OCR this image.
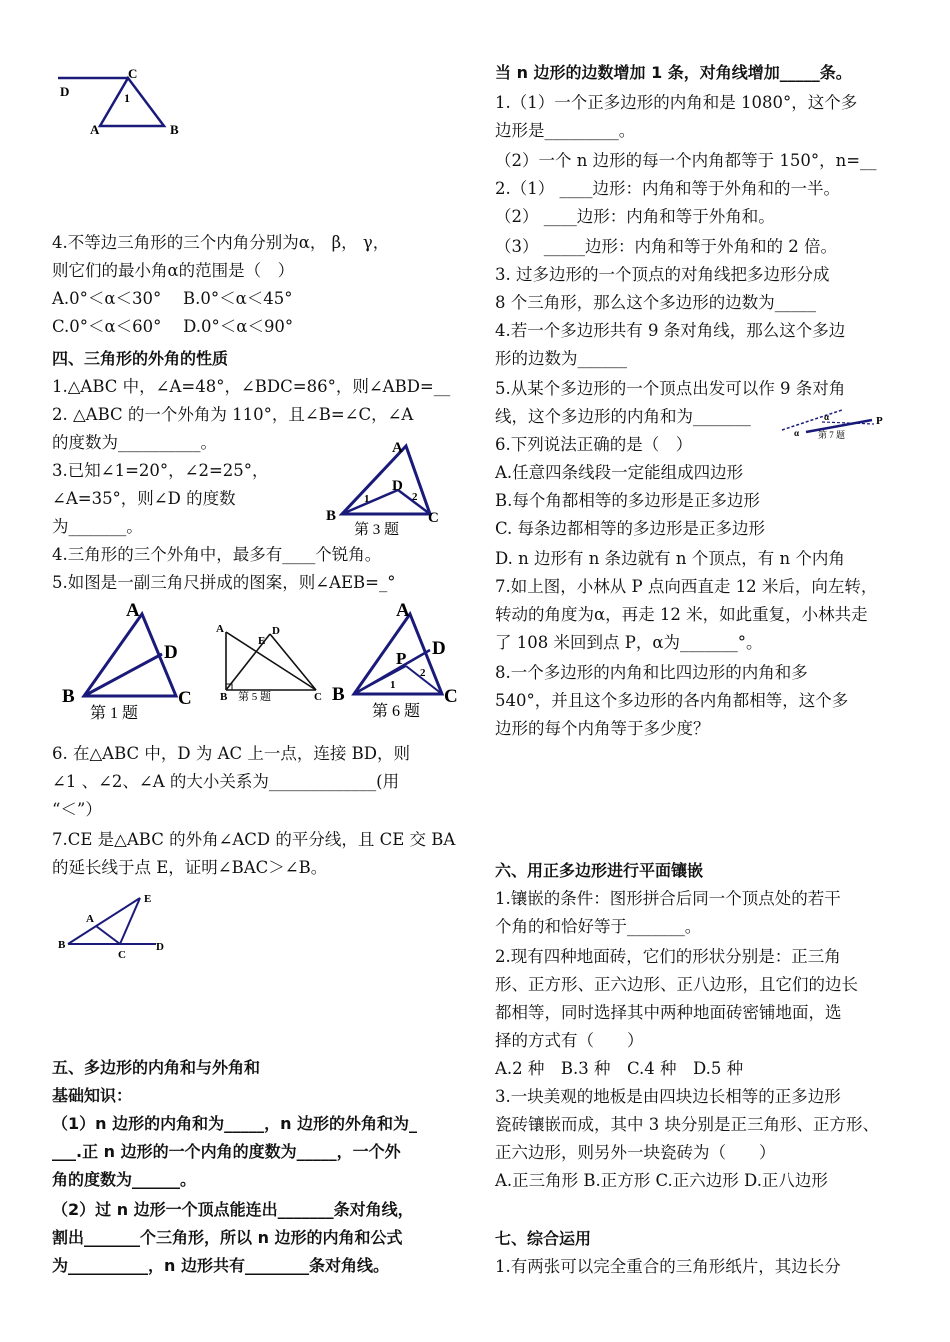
4.不等边三角形的三个内角分别为α， β， γ，
则它们的最小角α的范围是（　）
A.0°＜α＜30°　 B.0°＜α＜45°
C.0°＜α＜60°　 D.0°＜α＜90°
四、三角形的外角的性质
1.△ABC 中，∠A=48°，∠BDC=86°，则∠ABD=__
2. △ABC 的一个外角为 110°，且∠B=∠C，∠A
的度数为__________。
3.已知∠1=20°，∠2=25°，
∠A=35°，则∠D 的度数
为_______。
4.三角形的三个外角中，最多有____个锐角。
5.如图是一副三角尺拼成的图案，则∠AEB=_°
6. 在△ABC 中，D 为 AC 上一点，连接 BD，则
∠1 、∠2、∠A 的大小关系为_____________(用
“＜”）
7.CE 是△ABC 的外角∠ACD 的平分线，且 CE 交 BA
的延长线于点 E，证明∠BAC＞∠B。
五、多边形的内角和与外角和
基础知识：
（1）n 边形的内角和为_____，n 边形的外角和为_
___.正 n 边形的一个内角的度数为_____，一个外
角的度数为______。
（2）过 n 边形一个顶点能连出_______条对角线，
割出_______个三角形，所以 n 边形的内角和公式
为__________，n 边形共有________条对角线。
当 n 边形的边数增加 1 条，对角线增加_____条。
1.（1）一个正多边形的内角和是 1080°，这个多
边形是_________。
（2）一个 n 边形的每一个内角都等于 150°，n=__
2.（1） ____边形：内角和等于外角和的一半。
（2） ____边形：内角和等于外角和。
（3） _____边形：内角和等于外角和的 2 倍。
3. 过多边形的一个顶点的对角线把多边形分成
8 个三角形，那么这个多边形的边数为_____
4.若一个多边形共有 9 条对角线，那么这个多边
形的边数为______
5.从某个多边形的一个顶点出发可以作 9 条对角
线，这个多边形的内角和为_______
6.下列说法正确的是（　）
A.任意四条线段一定能组成四边形
B.每个角都相等的多边形是正多边形
C. 每条边都相等的多边形是正多边形
D. n 边形有 n 条边就有 n 个顶点，有 n 个内角
7.如上图，小林从 P 点向西直走 12 米后，向左转，
转动的角度为α，再走 12 米，如此重复，小林共走
了 108 米回到点 P，α为_______°。
8.一个多边形的内角和比四边形的内角和多
540°，并且这个多边形的各内角都相等，这个多
边形的每个内角等于多少度？
六、用正多边形进行平面镶嵌
1.镶嵌的条件：图形拼合后同一个顶点处的若干
个角的和恰好等于_______。
2.现有四种地面砖，它们的形状分别是：正三角
形、正方形、正六边形、正八边形，且它们的边长
都相等，同时选择其中两种地面砖密铺地面，选
择的方式有（　　）
A.2 种　B.3 种　C.4 种　D.5 种
3.一块美观的地板是由四块边长相等的正多边形
瓷砖镶嵌而成，其中 3 块分别是正三角形、正方形、
正六边形，则另外一块瓷砖为（　　）
A.正三角形 B.正方形 C.正六边形 D.正八边形
七、综合运用
1.有两张可以完全重合的三角形纸片，其边长分
D
C
1
A	B
A
B	C
D
1	2
第 3 题
A
B	C
D
第 1 题
A
E
D
B	C
第 5 题
A
B	C
D
P
1
2
第 6 题
A
B
C
D
E
α
α
P
第 7 题
